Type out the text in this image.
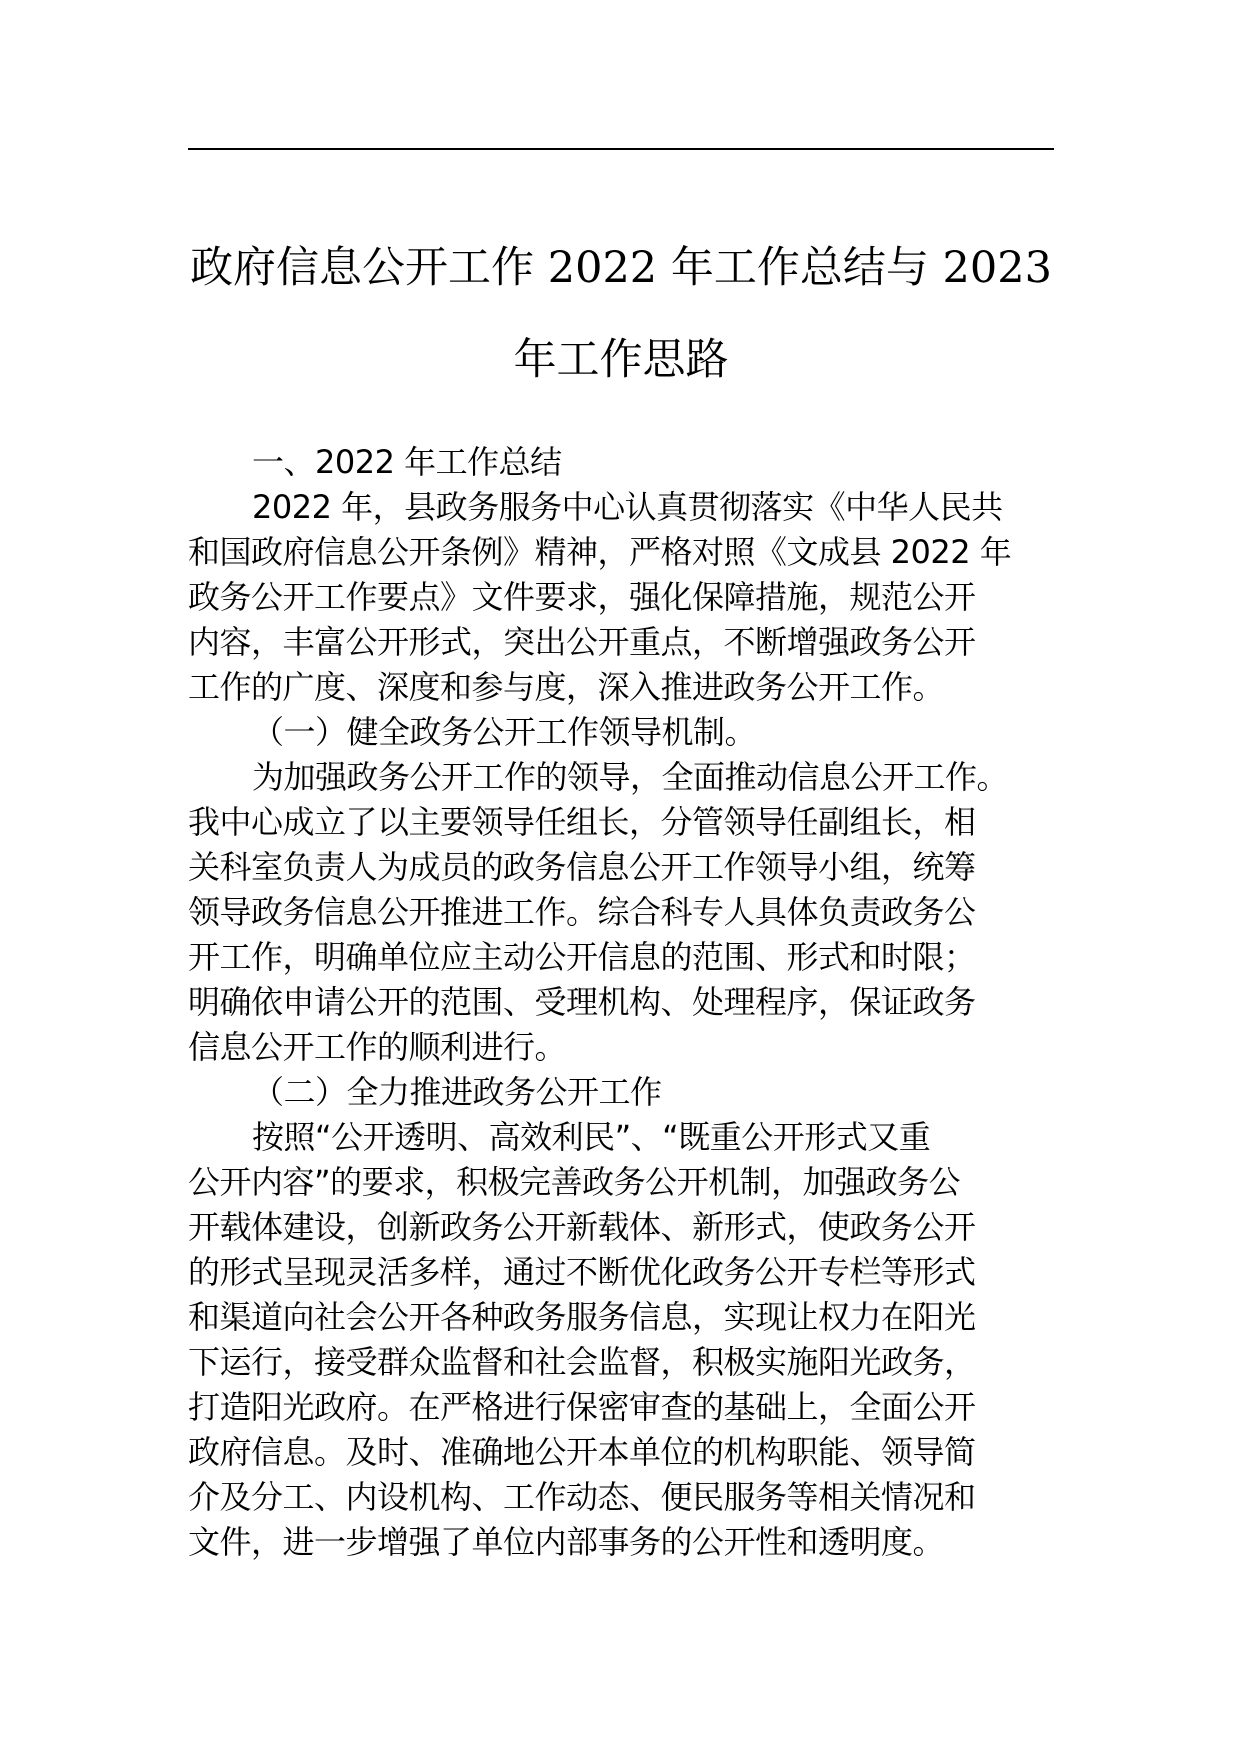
政府信息公开工作 2022 年工作总结与 2023
年工作思路
一、2022 年工作总结
2022 年，县政务服务中心认真贯彻落实《中华人民共
和国政府信息公开条例》精神，严格对照《文成县 2022 年
政务公开工作要点》文件要求，强化保障措施，规范公开
内容，丰富公开形式，突出公开重点，不断增强政务公开
工作的广度、深度和参与度，深入推进政务公开工作。
（一）健全政务公开工作领导机制。
为加强政务公开工作的领导，全面推动信息公开工作。
我中心成立了以主要领导任组长，分管领导任副组长，相
关科室负责人为成员的政务信息公开工作领导小组，统筹
领导政务信息公开推进工作。综合科专人具体负责政务公
开工作，明确单位应主动公开信息的范围、形式和时限；
明确依申请公开的范围、受理机构、处理程序，保证政务
信息公开工作的顺利进行。
（二）全力推进政务公开工作
按照“公开透明、高效利民”、“既重公开形式又重
公开内容”的要求，积极完善政务公开机制，加强政务公
开载体建设，创新政务公开新载体、新形式，使政务公开
的形式呈现灵活多样，通过不断优化政务公开专栏等形式
和渠道向社会公开各种政务服务信息，实现让权力在阳光
下运行，接受群众监督和社会监督，积极实施阳光政务，
打造阳光政府。在严格进行保密审查的基础上，全面公开
政府信息。及时、准确地公开本单位的机构职能、领导简
介及分工、内设机构、工作动态、便民服务等相关情况和
文件，进一步增强了单位内部事务的公开性和透明度。
